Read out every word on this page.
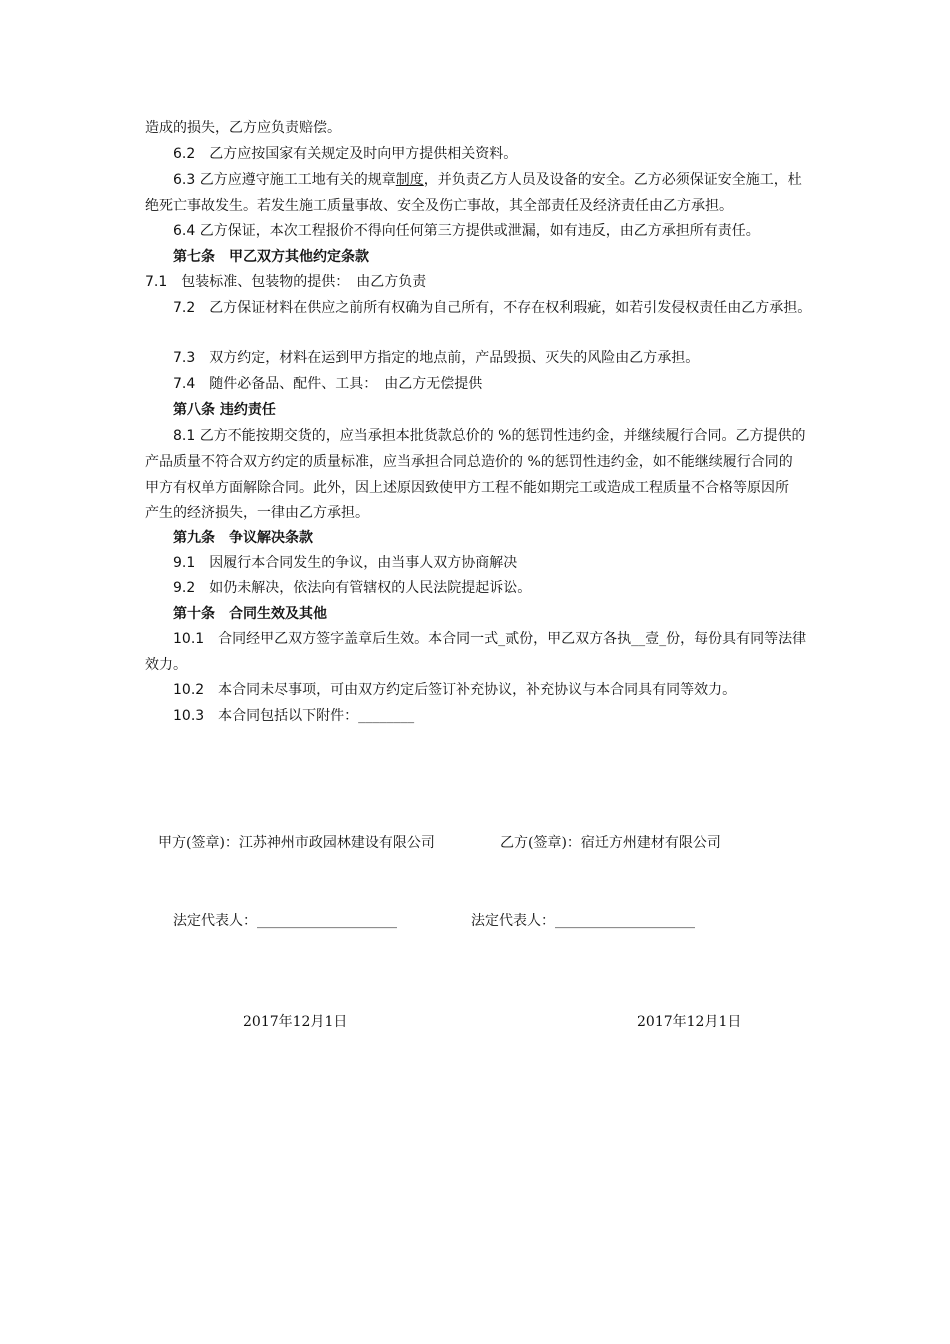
造成的损失，乙方应负责赔偿。
6.2　 乙方应按国家有关规定及时向甲方提供相关资料。
6.3 乙方应遵守施工工地有关的规章制度，并负责乙方人员及设备的安全。乙方必须保证安全施工，杜
绝死亡事故发生。若发生施工质量事故、安全及伤亡事故，其全部责任及经济责任由乙方承担。
6.4 乙方保证，本次工程报价不得向任何第三方提供或泄漏，如有违反，由乙方承担所有责任。
第七条　甲乙双方其他约定条款
7.1　 包装标准、包装物的提供：　由乙方负责
7.2　 乙方保证材料在供应之前所有权确为自己所有，不存在权利瑕疵，如若引发侵权责任由乙方承担。
7.3　 双方约定，材料在运到甲方指定的地点前，产品毁损、灭失的风险由乙方承担。
7.4　 随件必备品、配件、工具：　由乙方无偿提供
第八条 违约责任
8.1 乙方不能按期交货的，应当承担本批货款总价的 %的惩罚性违约金，并继续履行合同。乙方提供的
产品质量不符合双方约定的质量标准，应当承担合同总造价的 %的惩罚性违约金，如不能继续履行合同的
甲方有权单方面解除合同。此外，因上述原因致使甲方工程不能如期完工或造成工程质量不合格等原因所
产生的经济损失，一律由乙方承担。
第九条　争议解决条款
9.1　 因履行本合同发生的争议，由当事人双方协商解决
9.2　 如仍未解决，依法向有管辖权的人民法院提起诉讼。
第十条　合同生效及其他
10.1　 合同经甲乙双方签字盖章后生效。本合同一式_贰份，甲乙双方各执__壹_份，每份具有同等法律
效力。
10.2　 本合同未尽事项，可由双方约定后签订补充协议，补充协议与本合同具有同等效力。
10.3　 本合同包括以下附件：________
甲方(签章)：江苏神州市政园林建设有限公司	乙方(签章)：宿迁方州建材有限公司
法定代表人：____________________	法定代表人：____________________
2017年12月1日	2017年12月1日
